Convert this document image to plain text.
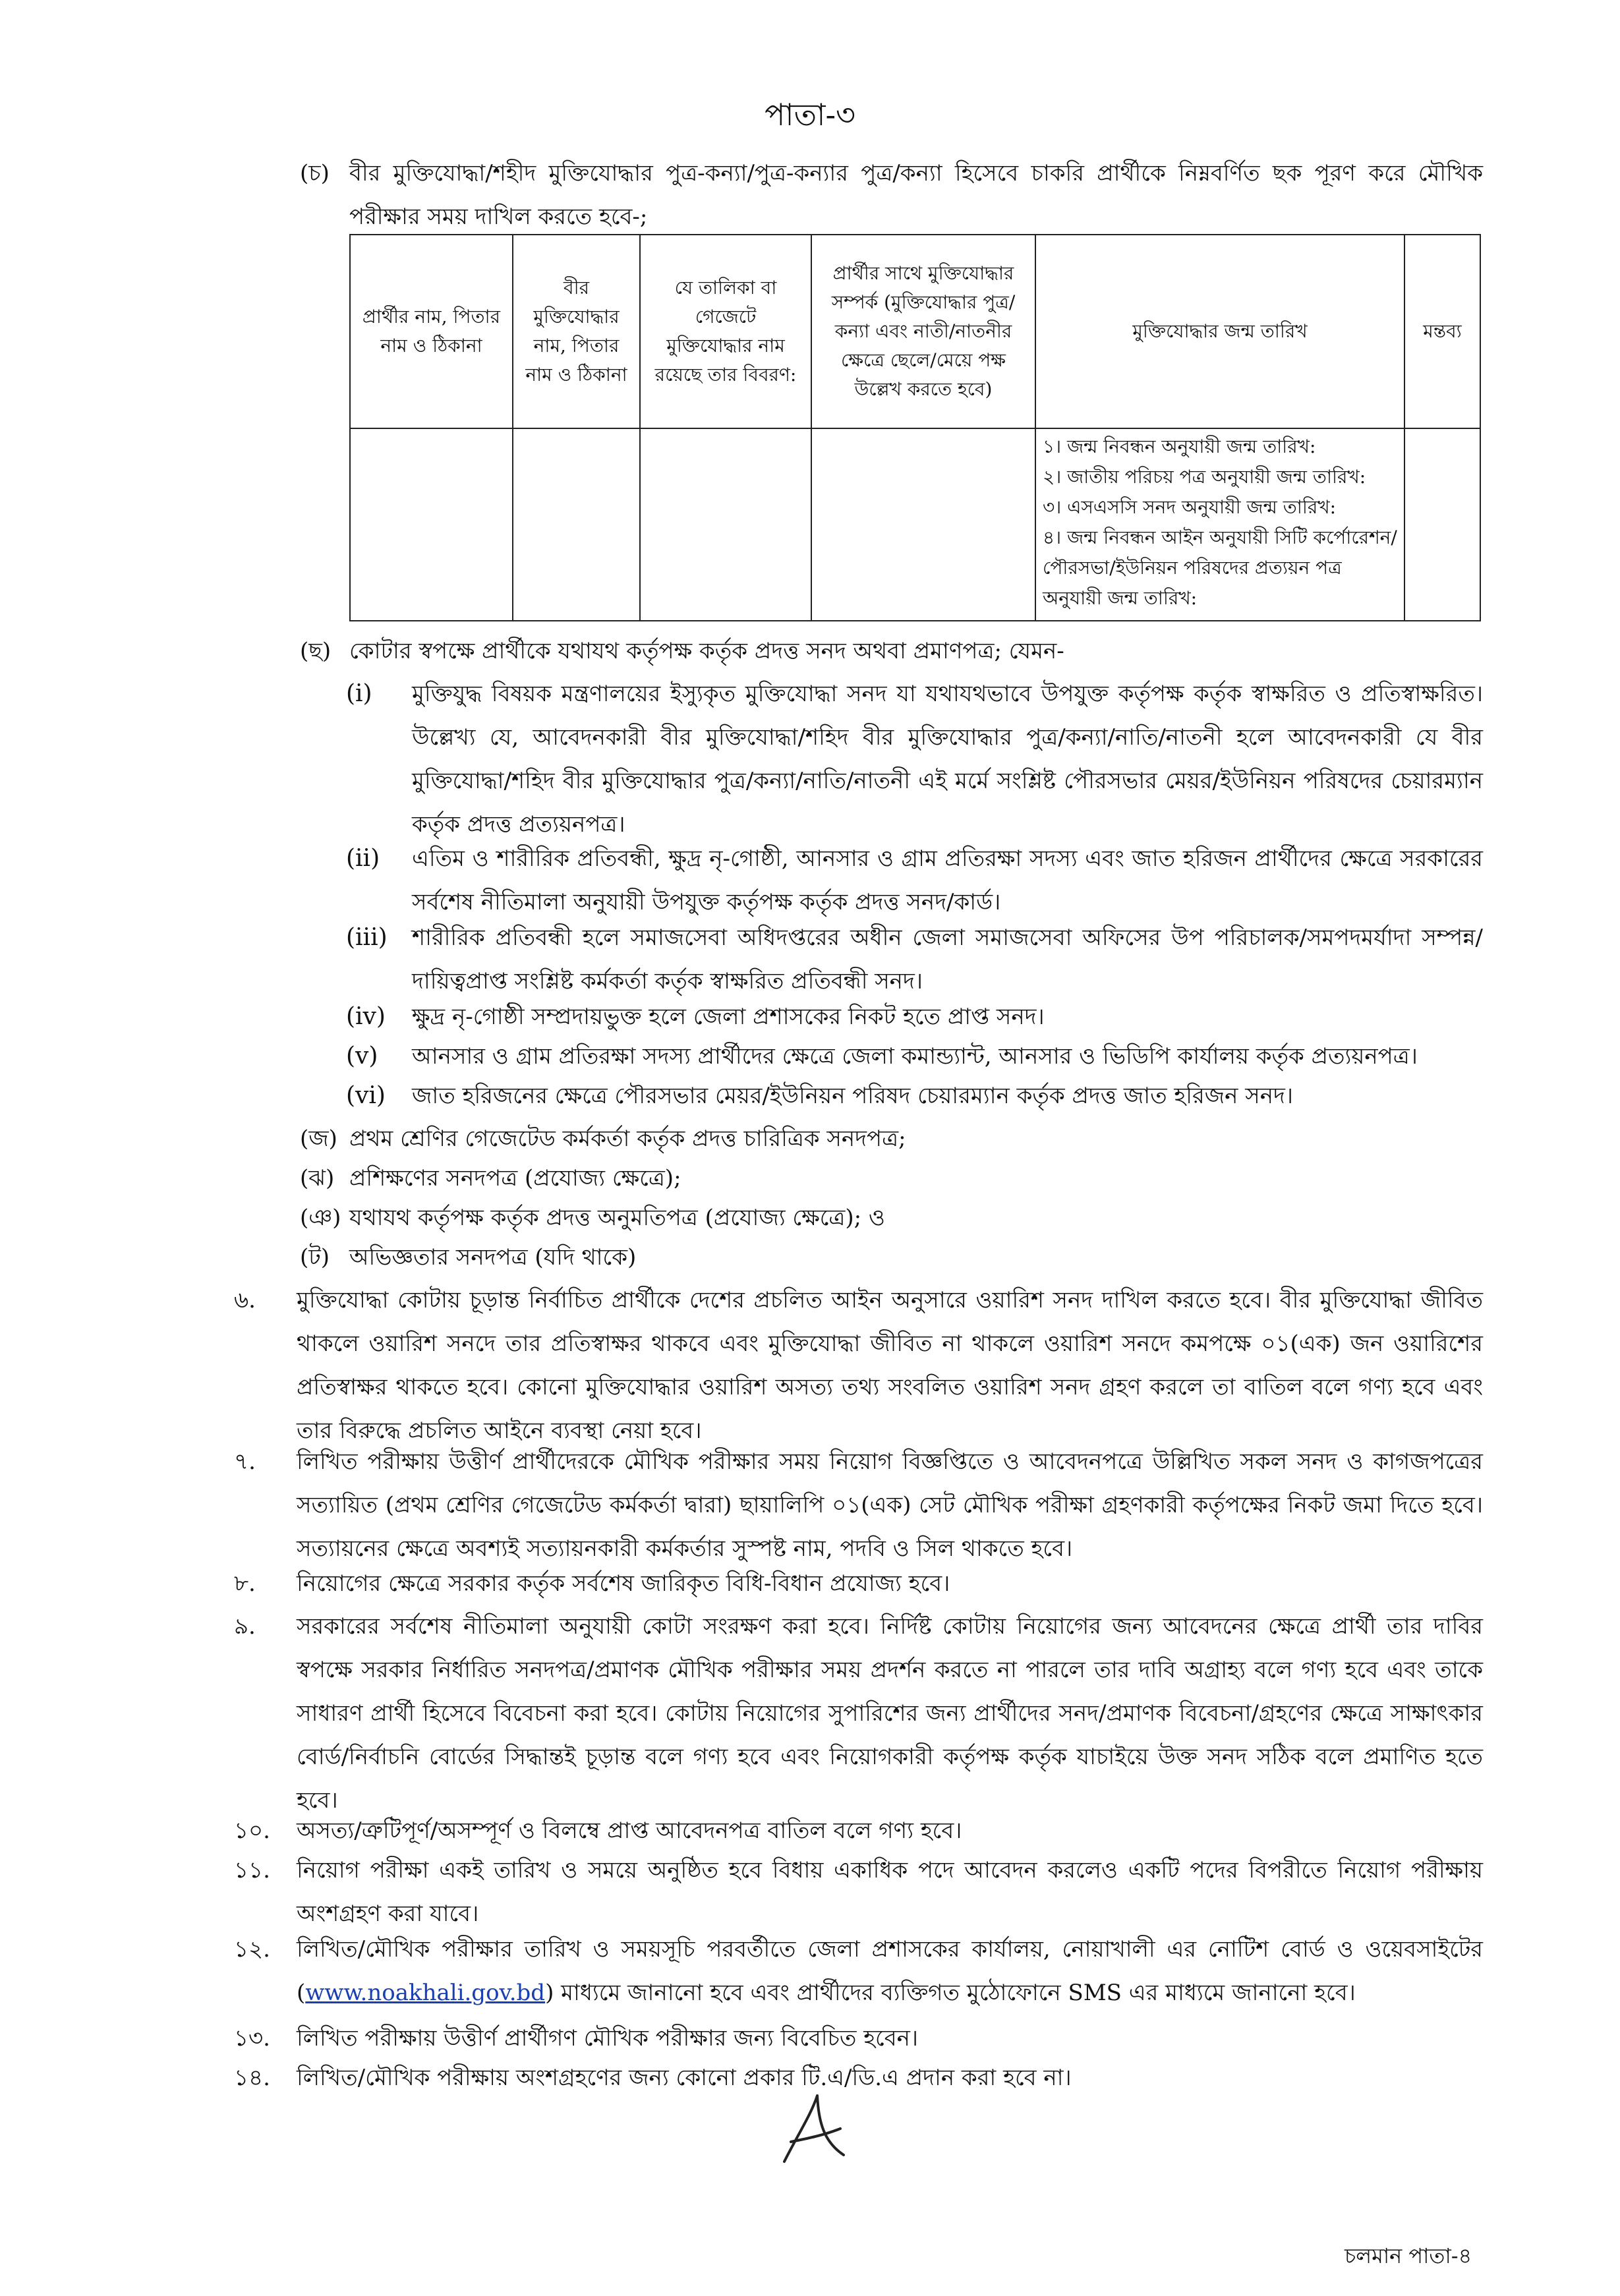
পাতা-৩
(চ) বীর মুক্তিযোদ্ধা/শহীদ মুক্তিযোদ্ধার পুত্র-কন্যা/পুত্র-কন্যার পুত্র/কন্যা হিসেবে চাকরি প্রার্থীকে নিম্নবর্ণিত ছক পূরণ করে মৌখিক পরীক্ষার সময় দাখিল করতে হবে-;
প্রার্থীর নাম, পিতার নাম ও ঠিকানা	বীর মুক্তিযোদ্ধার নাম, পিতার নাম ও ঠিকানা	যে তালিকা বা গেজেটে মুক্তিযোদ্ধার নাম রয়েছে তার বিবরণ:	প্রার্থীর সাথে মুক্তিযোদ্ধার সম্পর্ক (মুক্তিযোদ্ধার পুত্র/কন্যা এবং নাতী/নাতনীর ক্ষেত্রে ছেলে/মেয়ে পক্ষ উল্লেখ করতে হবে)	মুক্তিযোদ্ধার জন্ম তারিখ	মন্তব্য

				১। জন্ম নিবন্ধন অনুযায়ী জন্ম তারিখ:
২। জাতীয় পরিচয় পত্র অনুযায়ী জন্ম তারিখ:
৩। এসএসসি সনদ অনুযায়ী জন্ম তারিখ:
৪। জন্ম নিবন্ধন আইন অনুযায়ী সিটি কর্পোরেশন/পৌরসভা/ইউনিয়ন পরিষদের প্রত্যয়ন পত্র অনুযায়ী জন্ম তারিখ:	

(ছ) কোটার স্বপক্ষে প্রার্থীকে যথাযথ কর্তৃপক্ষ কর্তৃক প্রদত্ত সনদ অথবা প্রমাণপত্র; যেমন-
(i) মুক্তিযুদ্ধ বিষয়ক মন্ত্রণালয়ের ইস্যুকৃত মুক্তিযোদ্ধা সনদ যা যথাযথভাবে উপযুক্ত কর্তৃপক্ষ কর্তৃক স্বাক্ষরিত ও প্রতিস্বাক্ষরিত। উল্লেখ্য যে, আবেদনকারী বীর মুক্তিযোদ্ধা/শহিদ বীর মুক্তিযোদ্ধার পুত্র/কন্যা/নাতি/নাতনী হলে আবেদনকারী যে বীর মুক্তিযোদ্ধা/শহিদ বীর মুক্তিযোদ্ধার পুত্র/কন্যা/নাতি/নাতনী এই মর্মে সংশ্লিষ্ট পৌরসভার মেয়র/ইউনিয়ন পরিষদের চেয়ারম্যান কর্তৃক প্রদত্ত প্রত্যয়নপত্র।
(ii) এতিম ও শারীরিক প্রতিবন্ধী, ক্ষুদ্র নৃ-গোষ্ঠী, আনসার ও গ্রাম প্রতিরক্ষা সদস্য এবং জাত হরিজন প্রার্থীদের ক্ষেত্রে সরকারের সর্বশেষ নীতিমালা অনুযায়ী উপযুক্ত কর্তৃপক্ষ কর্তৃক প্রদত্ত সনদ/কার্ড।
(iii) শারীরিক প্রতিবন্ধী হলে সমাজসেবা অধিদপ্তরের অধীন জেলা সমাজসেবা অফিসের উপ পরিচালক/সমপদমর্যাদা সম্পন্ন/দায়িত্বপ্রাপ্ত সংশ্লিষ্ট কর্মকর্তা কর্তৃক স্বাক্ষরিত প্রতিবন্ধী সনদ।
(iv) ক্ষুদ্র নৃ-গোষ্ঠী সম্প্রদায়ভুক্ত হলে জেলা প্রশাসকের নিকট হতে প্রাপ্ত সনদ।
(v) আনসার ও গ্রাম প্রতিরক্ষা সদস্য প্রার্থীদের ক্ষেত্রে জেলা কমান্ড্যান্ট, আনসার ও ভিডিপি কার্যালয় কর্তৃক প্রত্যয়নপত্র।
(vi) জাত হরিজনের ক্ষেত্রে পৌরসভার মেয়র/ইউনিয়ন পরিষদ চেয়ারম্যান কর্তৃক প্রদত্ত জাত হরিজন সনদ।
(জ) প্রথম শ্রেণির গেজেটেড কর্মকর্তা কর্তৃক প্রদত্ত চারিত্রিক সনদপত্র;
(ঝ) প্রশিক্ষণের সনদপত্র (প্রযোজ্য ক্ষেত্রে);
(ঞ) যথাযথ কর্তৃপক্ষ কর্তৃক প্রদত্ত অনুমতিপত্র (প্রযোজ্য ক্ষেত্রে); ও
(ট) অভিজ্ঞতার সনদপত্র (যদি থাকে)
৬. মুক্তিযোদ্ধা কোটায় চূড়ান্ত নির্বাচিত প্রার্থীকে দেশের প্রচলিত আইন অনুসারে ওয়ারিশ সনদ দাখিল করতে হবে। বীর মুক্তিযোদ্ধা জীবিত থাকলে ওয়ারিশ সনদে তার প্রতিস্বাক্ষর থাকবে এবং মুক্তিযোদ্ধা জীবিত না থাকলে ওয়ারিশ সনদে কমপক্ষে ০১(এক) জন ওয়ারিশের প্রতিস্বাক্ষর থাকতে হবে। কোনো মুক্তিযোদ্ধার ওয়ারিশ অসত্য তথ্য সংবলিত ওয়ারিশ সনদ গ্রহণ করলে তা বাতিল বলে গণ্য হবে এবং তার বিরুদ্ধে প্রচলিত আইনে ব্যবস্থা নেয়া হবে।
৭. লিখিত পরীক্ষায় উত্তীর্ণ প্রার্থীদেরকে মৌখিক পরীক্ষার সময় নিয়োগ বিজ্ঞপ্তিতে ও আবেদনপত্রে উল্লিখিত সকল সনদ ও কাগজপত্রের সত্যায়িত (প্রথম শ্রেণির গেজেটেড কর্মকর্তা দ্বারা) ছায়ালিপি ০১(এক) সেট মৌখিক পরীক্ষা গ্রহণকারী কর্তৃপক্ষের নিকট জমা দিতে হবে। সত্যায়নের ক্ষেত্রে অবশ্যই সত্যায়নকারী কর্মকর্তার সুস্পষ্ট নাম, পদবি ও সিল থাকতে হবে।
৮. নিয়োগের ক্ষেত্রে সরকার কর্তৃক সর্বশেষ জারিকৃত বিধি-বিধান প্রযোজ্য হবে।
৯. সরকারের সর্বশেষ নীতিমালা অনুযায়ী কোটা সংরক্ষণ করা হবে। নির্দিষ্ট কোটায় নিয়োগের জন্য আবেদনের ক্ষেত্রে প্রার্থী তার দাবির স্বপক্ষে সরকার নির্ধারিত সনদপত্র/প্রমাণক মৌখিক পরীক্ষার সময় প্রদর্শন করতে না পারলে তার দাবি অগ্রাহ্য বলে গণ্য হবে এবং তাকে সাধারণ প্রার্থী হিসেবে বিবেচনা করা হবে। কোটায় নিয়োগের সুপারিশের জন্য প্রার্থীদের সনদ/প্রমাণক বিবেচনা/গ্রহণের ক্ষেত্রে সাক্ষাৎকার বোর্ড/নির্বাচনি বোর্ডের সিদ্ধান্তই চূড়ান্ত বলে গণ্য হবে এবং নিয়োগকারী কর্তৃপক্ষ কর্তৃক যাচাইয়ে উক্ত সনদ সঠিক বলে প্রমাণিত হতে হবে।
১০. অসত্য/ত্রুটিপূর্ণ/অসম্পূর্ণ ও বিলম্বে প্রাপ্ত আবেদনপত্র বাতিল বলে গণ্য হবে।
১১. নিয়োগ পরীক্ষা একই তারিখ ও সময়ে অনুষ্ঠিত হবে বিধায় একাধিক পদে আবেদন করলেও একটি পদের বিপরীতে নিয়োগ পরীক্ষায় অংশগ্রহণ করা যাবে।
১২. লিখিত/মৌখিক পরীক্ষার তারিখ ও সময়সূচি পরবর্তীতে জেলা প্রশাসকের কার্যালয়, নোয়াখালী এর নোটিশ বোর্ড ও ওয়েবসাইটের (www.noakhali.gov.bd) মাধ্যমে জানানো হবে এবং প্রার্থীদের ব্যক্তিগত মুঠোফোনে SMS এর মাধ্যমে জানানো হবে।
১৩. লিখিত পরীক্ষায় উত্তীর্ণ প্রার্থীগণ মৌখিক পরীক্ষার জন্য বিবেচিত হবেন।
১৪. লিখিত/মৌখিক পরীক্ষায় অংশগ্রহণের জন্য কোনো প্রকার টি.এ/ডি.এ প্রদান করা হবে না।
চলমান পাতা-৪
